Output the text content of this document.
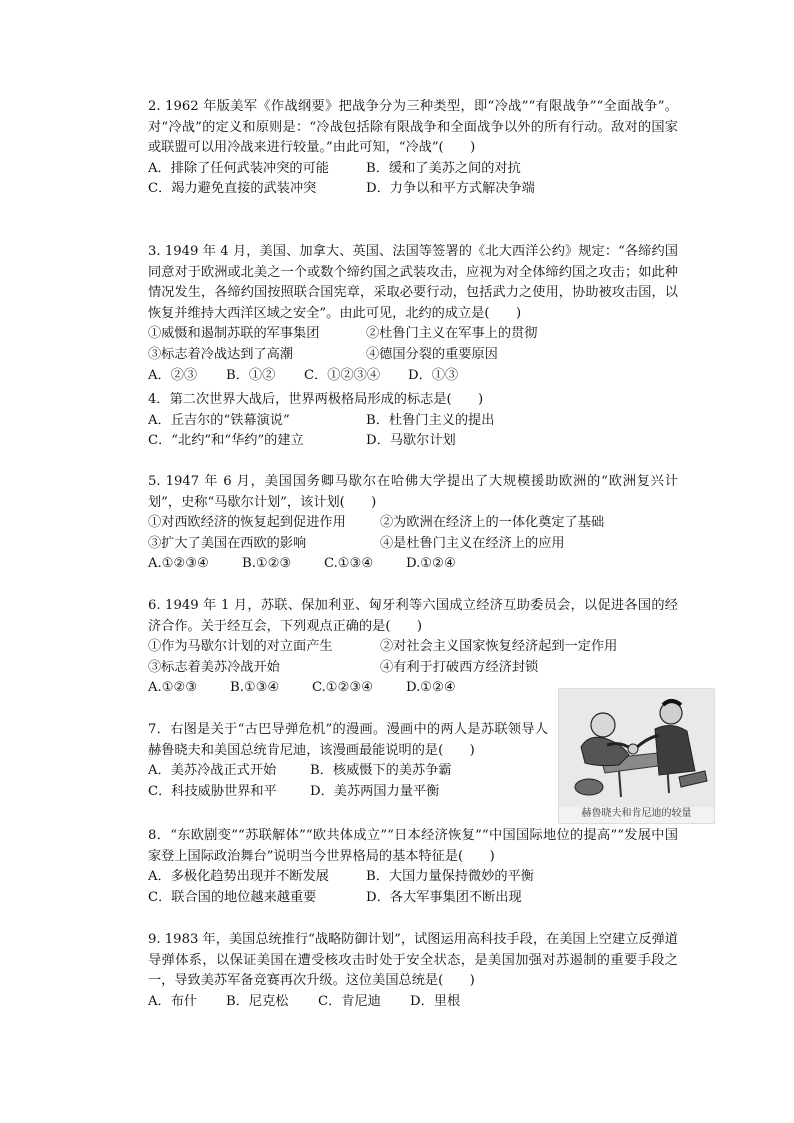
2. 1962 年版美军《作战纲要》把战争分为三种类型，即“冷战”“有限战争”“全面战争”。对“冷战”的定义和原则是：“冷战包括除有限战争和全面战争以外的所有行动。敌对的国家或联盟可以用冷战来进行较量。”由此可知，“冷战”(　　)
A．排除了任何武装冲突的可能	B．缓和了美苏之间的对抗
C．竭力避免直接的武装冲突	D．力争以和平方式解决争端
3. 1949 年 4 月，美国、加拿大、英国、法国等签署的《北大西洋公约》规定：“各缔约国同意对于欧洲或北美之一个或数个缔约国之武装攻击，应视为对全体缔约国之攻击；如此种情况发生，各缔约国按照联合国宪章，采取必要行动，包括武力之使用，协助被攻击国，以恢复并维持大西洋区域之安全”。由此可见，北约的成立是(　　)
①威慑和遏制苏联的军事集团	②杜鲁门主义在军事上的贯彻
③标志着冷战达到了高潮	④德国分裂的重要原因
A．②③	B．①②	C．①②③④	D．①③
4．第二次世界大战后，世界两极格局形成的标志是(　　)
A．丘吉尔的“铁幕演说”	B．杜鲁门主义的提出
C．“北约”和“华约”的建立	D．马歇尔计划
5. 1947 年 6 月，美国国务卿马歇尔在哈佛大学提出了大规模援助欧洲的“欧洲复兴计划”，史称“马歇尔计划”，该计划(　　)
①对西欧经济的恢复起到促进作用	②为欧洲在经济上的一体化奠定了基础
③扩大了美国在西欧的影响	④是杜鲁门主义在经济上的应用
A.①②③④	B.①②③	C.①③④	D.①②④
6. 1949 年 1 月，苏联、保加利亚、匈牙利等六国成立经济互助委员会，以促进各国的经济合作。关于经互会，下列观点正确的是(　　)
①作为马歇尔计划的对立面产生	②对社会主义国家恢复经济起到一定作用
③标志着美苏冷战开始	④有利于打破西方经济封锁
A.①②③	B.①③④	C.①②③④	D.①②④
7．右图是关于“古巴导弹危机”的漫画。漫画中的两人是苏联领导人赫鲁晓夫和美国总统肯尼迪，该漫画最能说明的是(　　)
A．美苏冷战正式开始	B．核威慑下的美苏争霸
C．科技威胁世界和平	D．美苏两国力量平衡
赫鲁晓夫和肯尼迪的较量
8．“东欧剧变”“苏联解体”“欧共体成立”“日本经济恢复”“中国国际地位的提高”“发展中国家登上国际政治舞台”说明当今世界格局的基本特征是(　　)
A．多极化趋势出现并不断发展	B．大国力量保持微妙的平衡
C．联合国的地位越来越重要	D．各大军事集团不断出现
9. 1983 年，美国总统推行“战略防御计划”，试图运用高科技手段，在美国上空建立反弹道导弹体系，以保证美国在遭受核攻击时处于安全状态，是美国加强对苏遏制的重要手段之一，导致美苏军备竞赛再次升级。这位美国总统是(　　)
A．布什	B．尼克松	C．肯尼迪	D．里根
